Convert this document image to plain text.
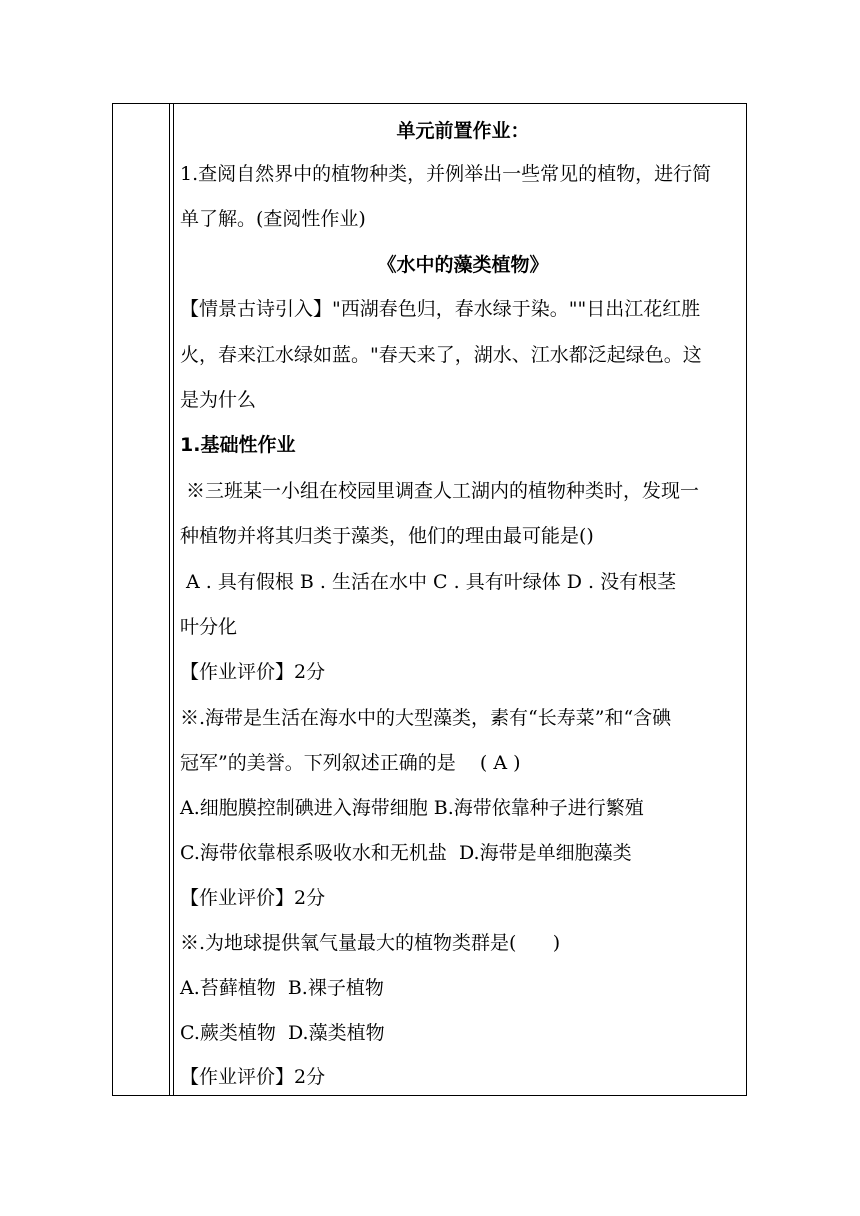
单元前置作业：
1.查阅自然界中的植物种类，并例举出一些常见的植物，进行简
单了解。(查阅性作业)
《水中的藻类植物》
【情景古诗引入】"西湖春色归，春水绿于染。""日出江花红胜
火，春来江水绿如蓝。"春天来了，湖水、江水都泛起绿色。这
是为什么
1.基础性作业
※三班某一小组在校园里调查人工湖内的植物种类时，发现一
种植物并将其归类于藻类，他们的理由最可能是()
A . 具有假根 B . 生活在水中 C . 具有叶绿体 D . 没有根茎
叶分化
【作业评价】2分
※.海带是生活在海水中的大型藻类，素有“长寿菜”和“含碘
冠军”的美誉。下列叙述正确的是    ( A )
A.细胞膜控制碘进入海带细胞 B.海带依靠种子进行繁殖
C.海带依靠根系吸收水和无机盐  D.海带是单细胞藻类
【作业评价】2分
※.为地球提供氧气量最大的植物类群是(      )
A.苔藓植物  B.裸子植物
C.蕨类植物  D.藻类植物
【作业评价】2分
